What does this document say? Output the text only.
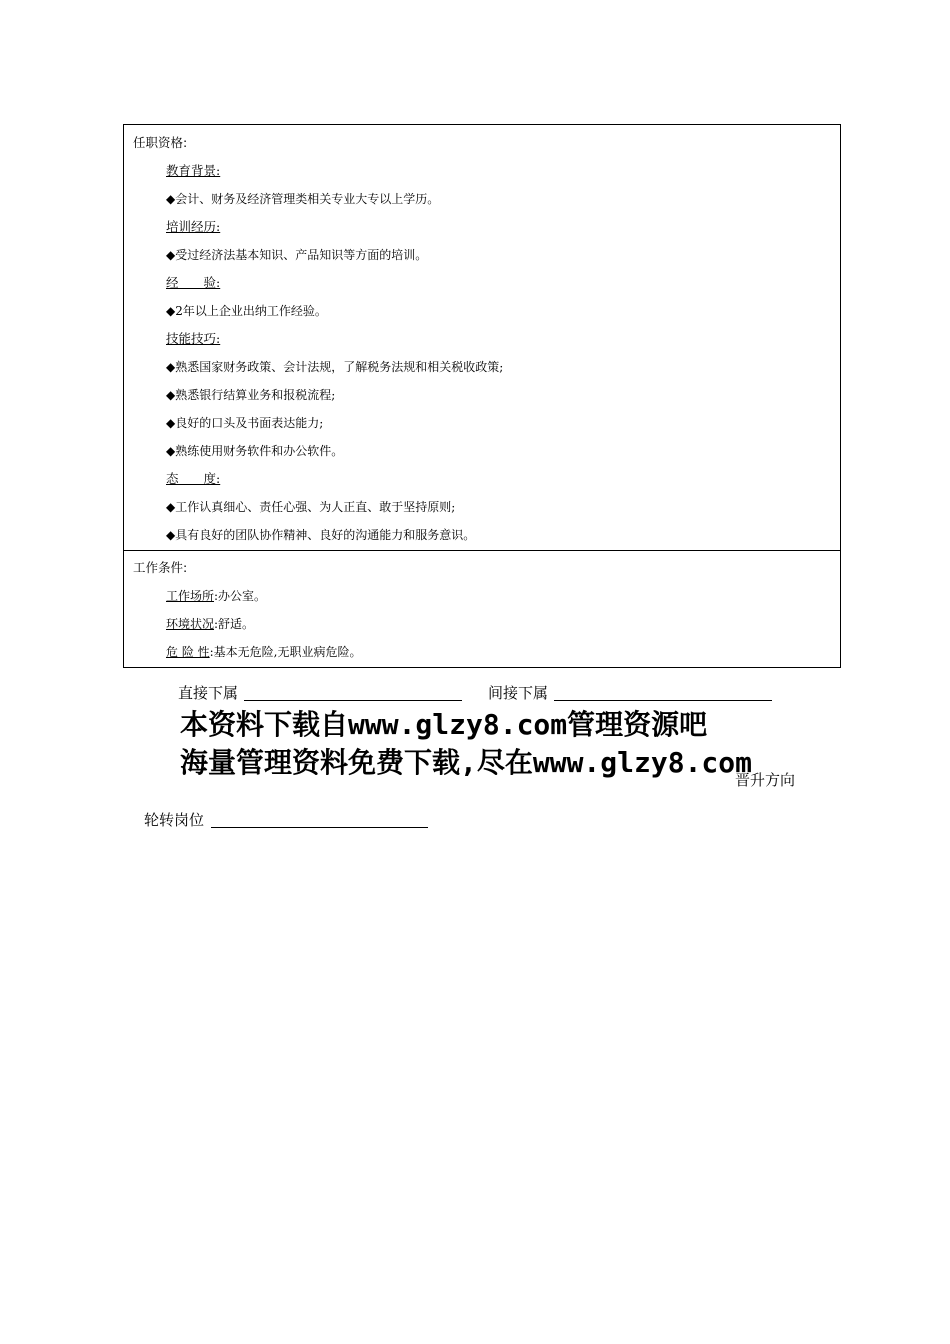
任职资格:
教育背景:
◆会计、财务及经济管理类相关专业大专以上学历。
培训经历:
◆受过经济法基本知识、产品知识等方面的培训。
经　　验:
◆2年以上企业出纳工作经验。
技能技巧:
◆熟悉国家财务政策、会计法规，了解税务法规和相关税收政策;
◆熟悉银行结算业务和报税流程;
◆良好的口头及书面表达能力;
◆熟练使用财务软件和办公软件。
态　　度:
◆工作认真细心、责任心强、为人正直、敢于坚持原则;
◆具有良好的团队协作精神、良好的沟通能力和服务意识。
工作条件:
工作场所:办公室。
环境状况:舒适。
危 险 性:基本无危险,无职业病危险。
直接下属	间接下属
本资料下载自www.glzy8.com管理资源吧
海量管理资料免费下载,尽在www.glzy8.com
晋升方向
轮转岗位
